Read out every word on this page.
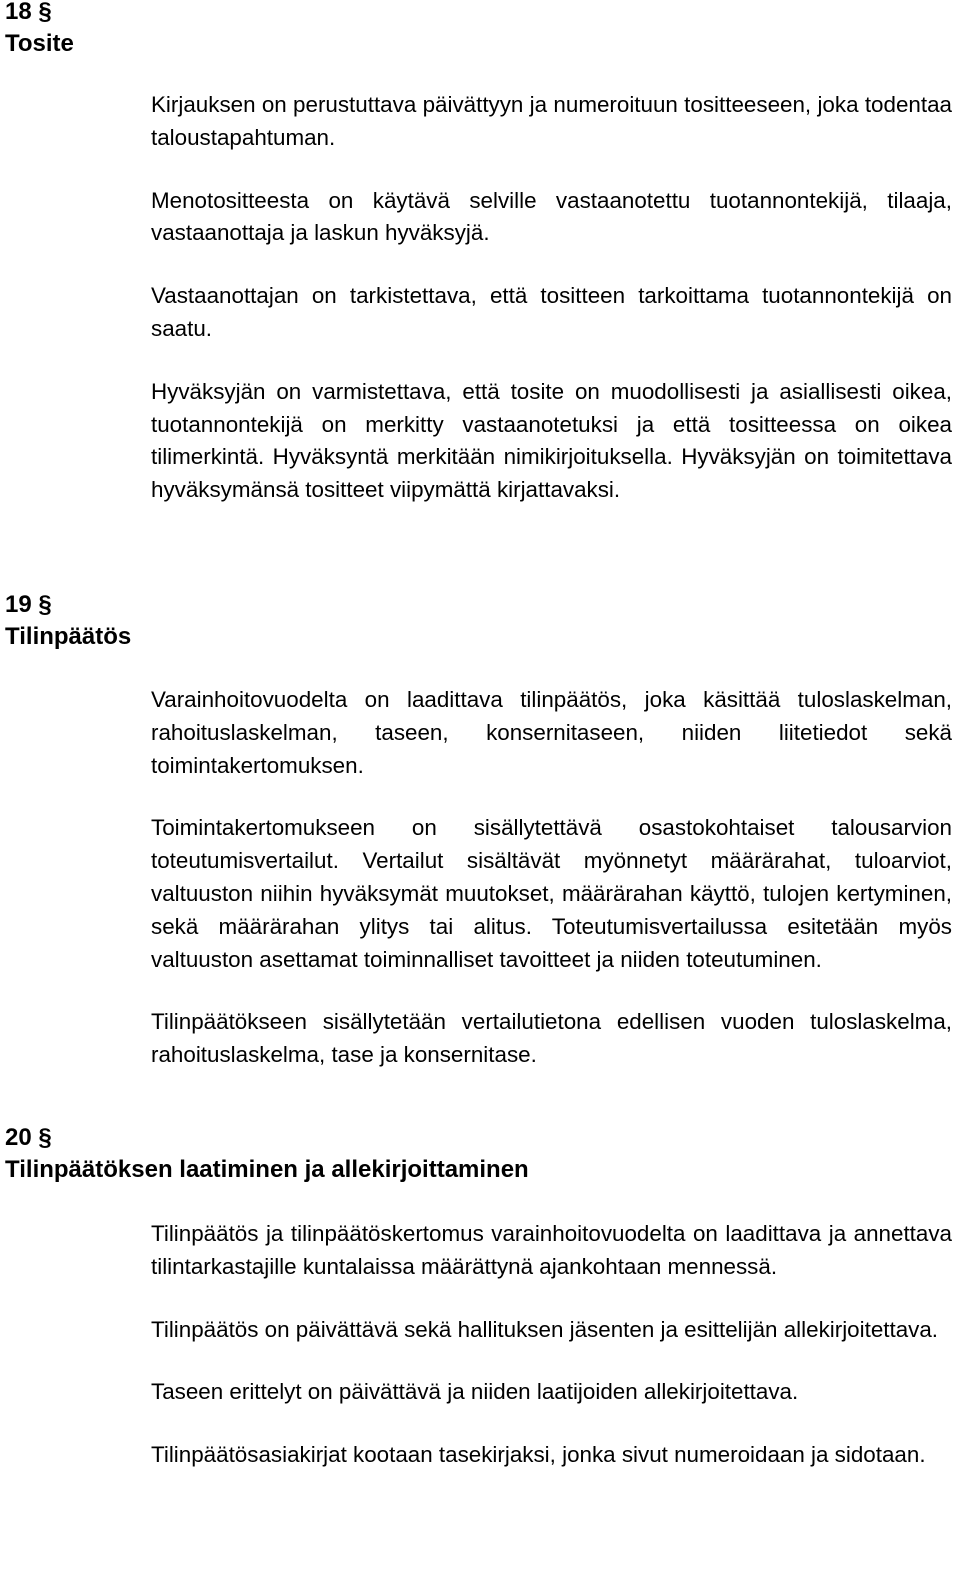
18 §
Tosite

Kirjauksen on perustuttava päivättyyn ja numeroituun tositteeseen, joka todentaa taloustapahtuman.

Menotositteesta on käytävä selville vastaanotettu tuotannontekijä, tilaaja, vastaanottaja ja laskun hyväksyjä.

Vastaanottajan on tarkistettava, että tositteen tarkoittama tuotannontekijä on saatu.

Hyväksyjän on varmistettava, että tosite on muodollisesti ja asiallisesti oikea, tuotannontekijä on merkitty vastaanotetuksi ja että tositteessa on oikea tilimerkintä. Hyväksyntä merkitään nimikirjoituksella. Hyväksyjän on toimitettava hyväksymänsä tositteet viipymättä kirjattavaksi.

19 §
Tilinpäätös

Varainhoitovuodelta on laadittava tilinpäätös, joka käsittää tuloslaskelman, rahoituslaskelman, taseen, konsernitaseen, niiden liitetiedot sekä toimintakertomuksen.

Toimintakertomukseen on sisällytettävä osastokohtaiset talousarvion toteutumisvertailut. Vertailut sisältävät myönnetyt määrärahat, tuloarviot, valtuuston niihin hyväksymät muutokset, määrärahan käyttö, tulojen kertyminen, sekä määrärahan ylitys tai alitus. Toteutumisvertailussa esitetään myös valtuuston asettamat toiminnalliset tavoitteet ja niiden toteutuminen.

Tilinpäätökseen sisällytetään vertailutietona edellisen vuoden tuloslaskelma, rahoituslaskelma, tase ja konsernitase.

20 §
Tilinpäätöksen laatiminen ja allekirjoittaminen

Tilinpäätös ja tilinpäätöskertomus varainhoitovuodelta on laadittava ja annettava tilintarkastajille kuntalaissa määrättynä ajankohtaan mennessä.

Tilinpäätös on päivättävä sekä hallituksen jäsenten ja esittelijän allekirjoitettava.

Taseen erittelyt on päivättävä ja niiden laatijoiden allekirjoitettava.

Tilinpäätösasiakirjat kootaan tasekirjaksi, jonka sivut numeroidaan ja sidotaan.
